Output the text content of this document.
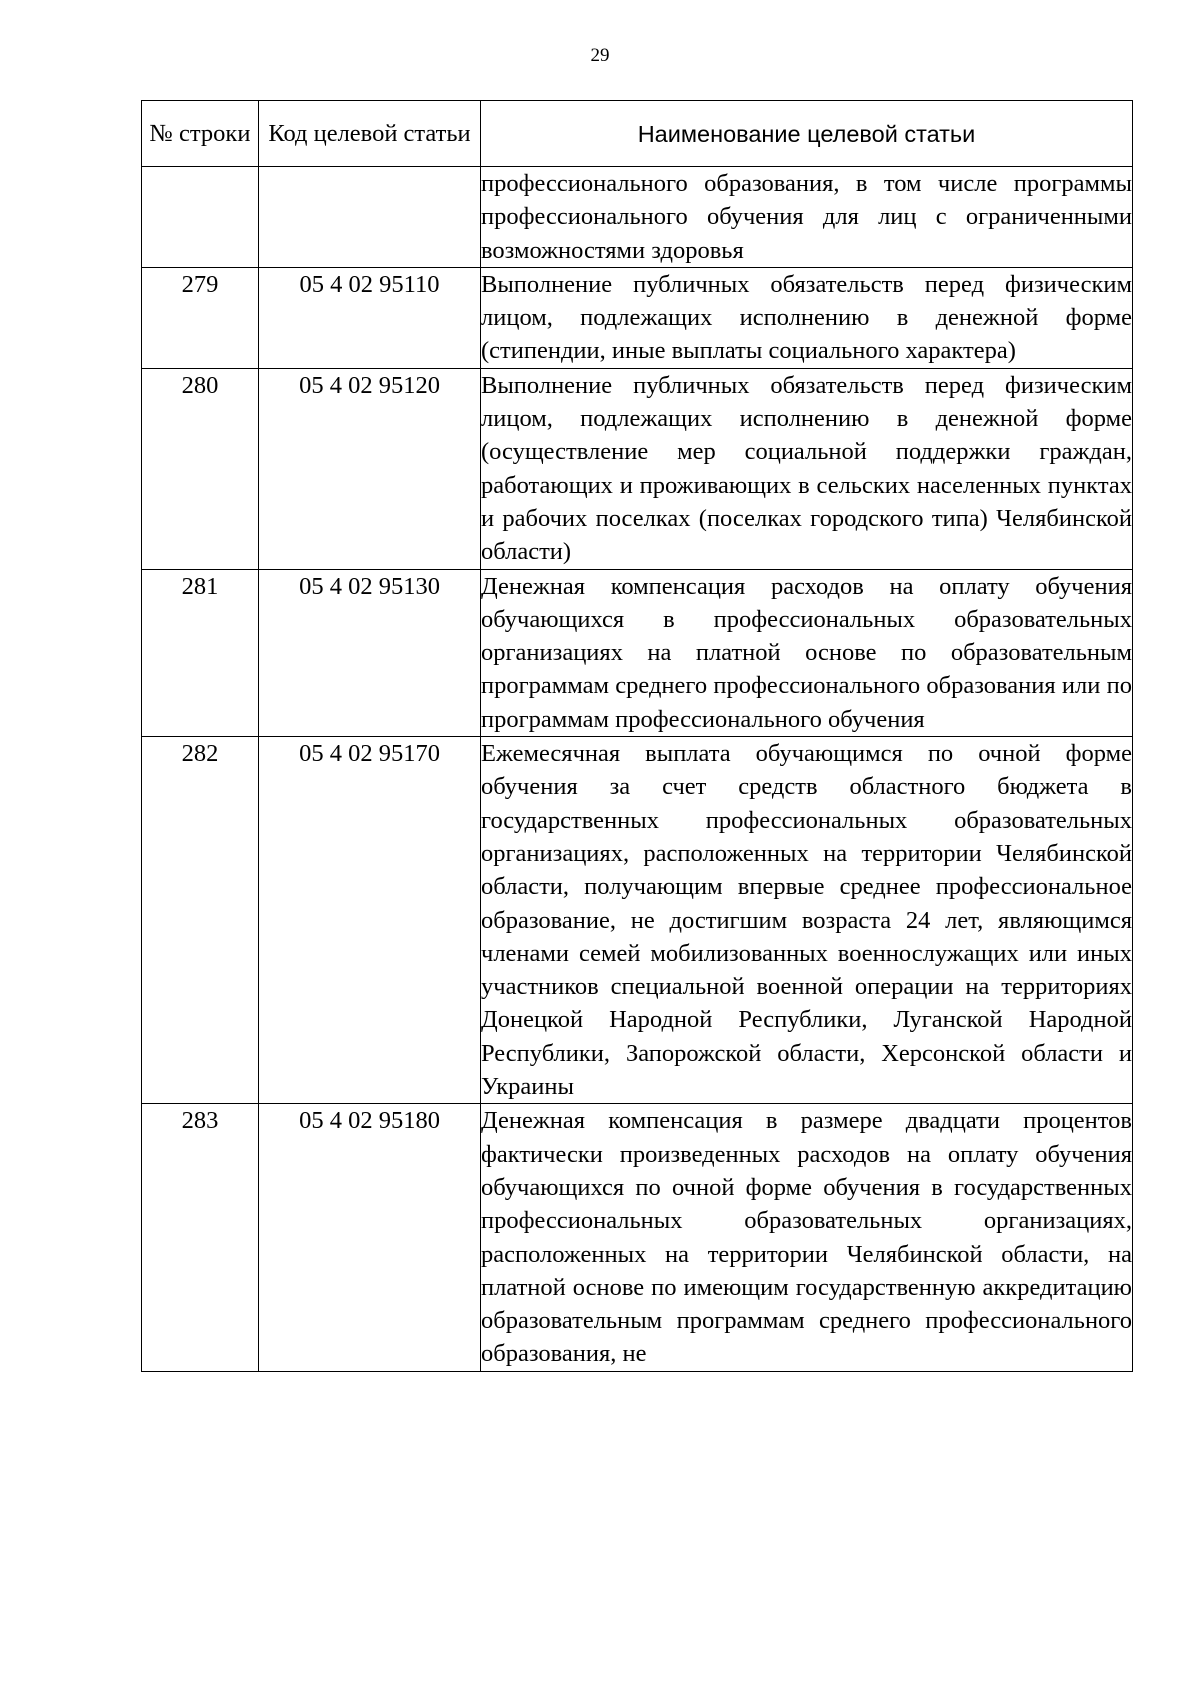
29
№ строки	Код целевой статьи	Наименование целевой статьи
		профессионального образования, в том числе программы профессионального обучения для лиц с ограниченными возможностями здоровья
279	05 4 02 95110	Выполнение публичных обязательств перед физическим лицом, подлежащих исполнению в денежной форме (стипендии, иные выплаты социального характера)
280	05 4 02 95120	Выполнение публичных обязательств перед физическим лицом, подлежащих исполнению в денежной форме (осуществление мер социальной поддержки граждан, работающих и проживающих в сельских населенных пунктах и рабочих поселках (поселках городского типа) Челябинской области)
281	05 4 02 95130	Денежная компенсация расходов на оплату обучения обучающихся в профессиональных образовательных организациях на платной основе по образовательным программам среднего профессионального образования или по программам профессионального обучения
282	05 4 02 95170	Ежемесячная выплата обучающимся по очной форме обучения за счет средств областного бюджета в государственных профессиональных образовательных организациях, расположенных на территории Челябинской области, получающим впервые среднее профессиональное образование, не достигшим возраста 24 лет, являющимся членами семей мобилизованных военнослужащих или иных участников специальной военной операции на территориях Донецкой Народной Республики, Луганской Народной Республики, Запорожской области, Херсонской области и Украины
283	05 4 02 95180	Денежная компенсация в размере двадцати процентов фактически произведенных расходов на оплату обучения обучающихся по очной форме обучения в государственных профессиональных образовательных организациях, расположенных на территории Челябинской области, на платной основе по имеющим государственную аккредитацию образовательным программам среднего профессионального образования, не
